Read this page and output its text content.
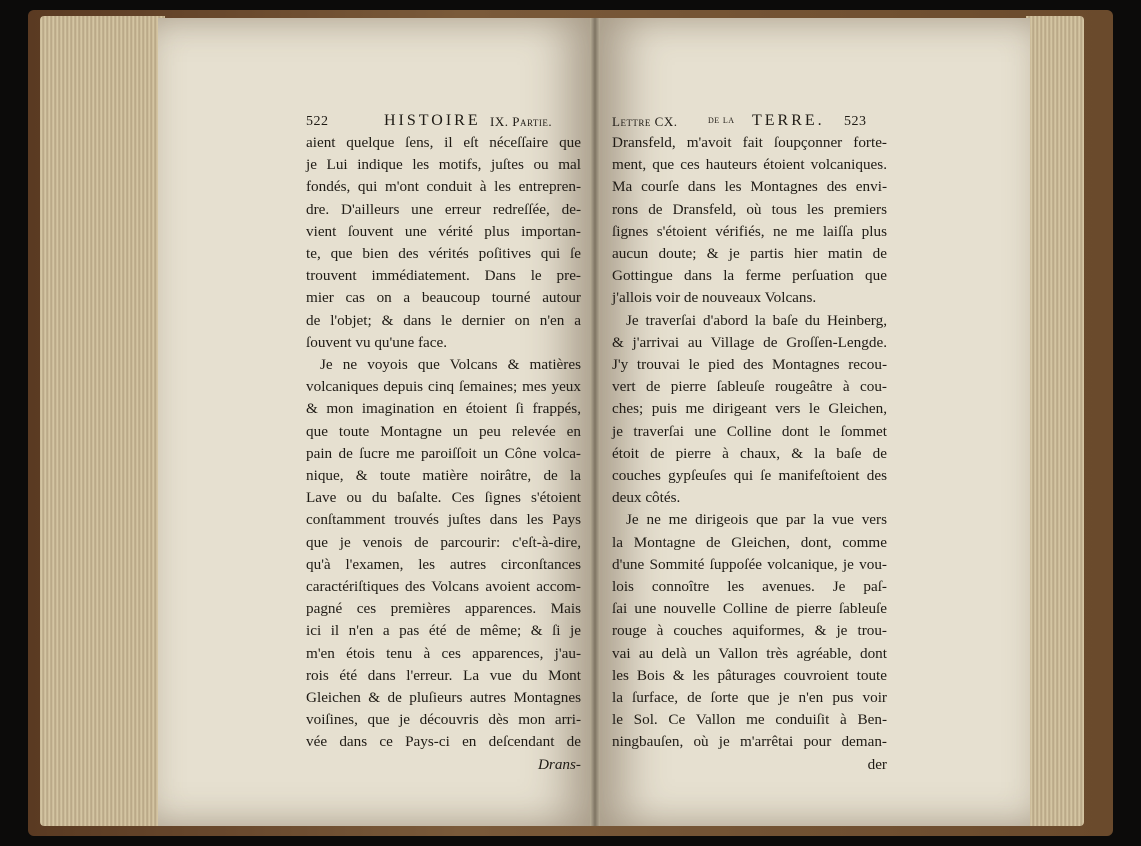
522	HISTOIRE IX. Partie.	Lettre CX.	de la TERRE. 523
aient quelque ſens, il eſt néceſſaire que
je Lui indique les motifs, juſtes ou mal
fondés, qui m'ont conduit à les entrepren-
dre. D'ailleurs une erreur redreſſée, de-
vient ſouvent une vérité plus importan-
te, que bien des vérités poſitives qui ſe
trouvent immédiatement. Dans le pre-
mier cas on a beaucoup tourné autour
de l'objet; & dans le dernier on n'en a
ſouvent vu qu'une face.
Je ne voyois que Volcans & matières
volcaniques depuis cinq ſemaines; mes yeux
& mon imagination en étoient ſi frappés,
que toute Montagne un peu relevée en
pain de ſucre me paroiſſoit un Cône volca-
nique, & toute matière noirâtre, de la
Lave ou du baſalte. Ces ſignes s'étoient
conſtamment trouvés juſtes dans les Pays
que je venois de parcourir: c'eſt-à-dire,
qu'à l'examen, les autres circonſtances
caractériſtiques des Volcans avoient accom-
pagné ces premières apparences. Mais
ici il n'en a pas été de même; & ſi je
m'en étois tenu à ces apparences, j'au-
rois été dans l'erreur. La vue du Mont
Gleichen & de pluſieurs autres Montagnes
voiſines, que je découvris dès mon arri-
vée dans ce Pays-ci en deſcendant de
Drans-
Dransfeld, m'avoit fait ſoupçonner forte-
ment, que ces hauteurs étoient volcaniques.
Ma courſe dans les Montagnes des envi-
rons de Dransfeld, où tous les premiers
ſignes s'étoient vérifiés, ne me laiſſa plus
aucun doute; & je partis hier matin de
Gottingue dans la ferme perſuation que
j'allois voir de nouveaux Volcans.
Je traverſai d'abord la baſe du Heinberg,
& j'arrivai au Village de Groſſen-Lengde.
J'y trouvai le pied des Montagnes recou-
vert de pierre ſableuſe rougeâtre à cou-
ches; puis me dirigeant vers le Gleichen,
je traverſai une Colline dont le ſommet
étoit de pierre à chaux, & la baſe de
couches gypſeuſes qui ſe manifeſtoient des
deux côtés.
Je ne me dirigeois que par la vue vers
la Montagne de Gleichen, dont, comme
d'une Sommité ſuppoſée volcanique, je vou-
lois connoître les avenues. Je paſ-
ſai une nouvelle Colline de pierre ſableuſe
rouge à couches aquiformes, & je trou-
vai au delà un Vallon très agréable, dont
les Bois & les pâturages couvroient toute
la ſurface, de ſorte que je n'en pus voir
le Sol. Ce Vallon me conduiſit à Ben-
ningbauſen, où je m'arrêtai pour deman-
der
